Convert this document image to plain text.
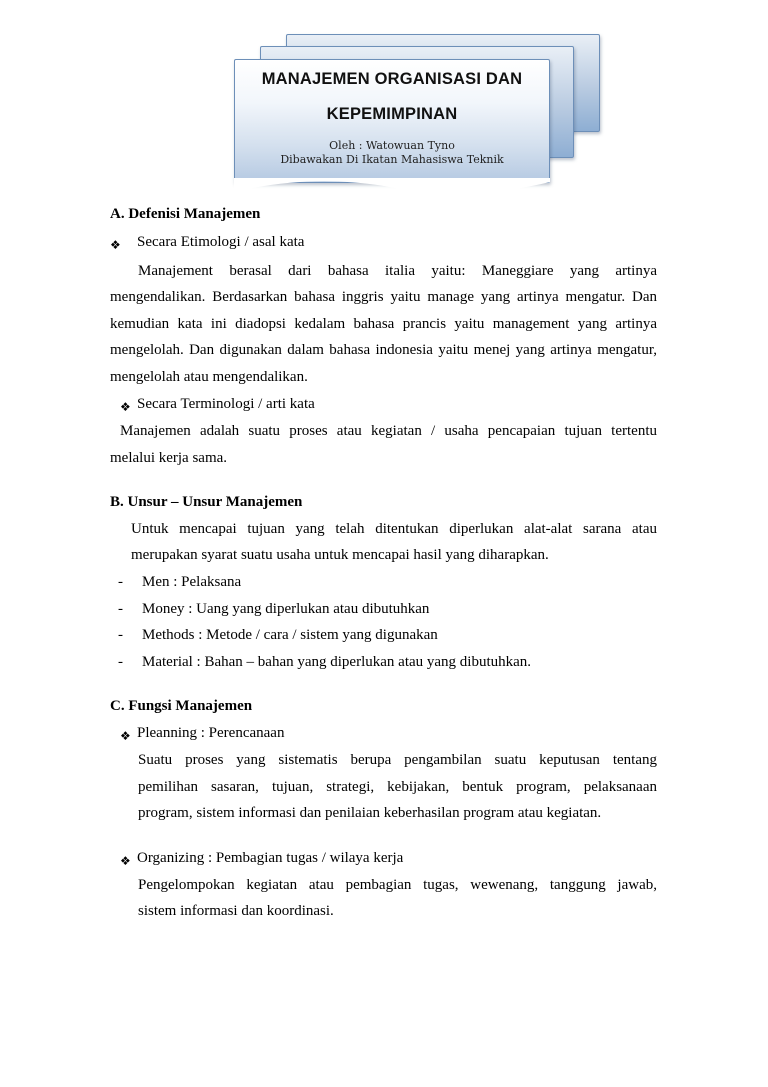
MANAJEMEN ORGANISASI DAN
KEPEMIMPINAN
Oleh : Watowuan Tyno
Dibawakan Di Ikatan Mahasiswa Teknik
A. Defenisi Manajemen
❖ Secara Etimologi / asal kata
Manajement berasal dari bahasa italia yaitu: Maneggiare yang artinya
mengendalikan. Berdasarkan bahasa inggris yaitu manage yang artinya mengatur. Dan
kemudian kata ini diadopsi kedalam bahasa prancis yaitu management yang artinya
mengelolah. Dan digunakan dalam bahasa indonesia yaitu menej yang artinya mengatur,
mengelolah atau mengendalikan.
❖ Secara Terminologi / arti kata
Manajemen adalah suatu proses atau kegiatan / usaha pencapaian tujuan tertentu
melalui kerja sama.
B. Unsur – Unsur Manajemen
Untuk mencapai tujuan yang telah ditentukan diperlukan alat-alat sarana atau
merupakan syarat suatu usaha untuk mencapai hasil yang diharapkan.
- Men : Pelaksana
- Money : Uang yang diperlukan atau dibutuhkan
- Methods : Metode / cara / sistem yang digunakan
- Material : Bahan – bahan yang diperlukan atau yang dibutuhkan.
C. Fungsi Manajemen
❖ Pleanning : Perencanaan
Suatu proses yang sistematis berupa pengambilan suatu keputusan tentang
pemilihan sasaran, tujuan, strategi, kebijakan, bentuk program, pelaksanaan
program, sistem informasi dan penilaian keberhasilan program atau kegiatan.
❖ Organizing : Pembagian tugas / wilaya kerja
Pengelompokan kegiatan atau pembagian tugas, wewenang, tanggung jawab,
sistem informasi dan koordinasi.
